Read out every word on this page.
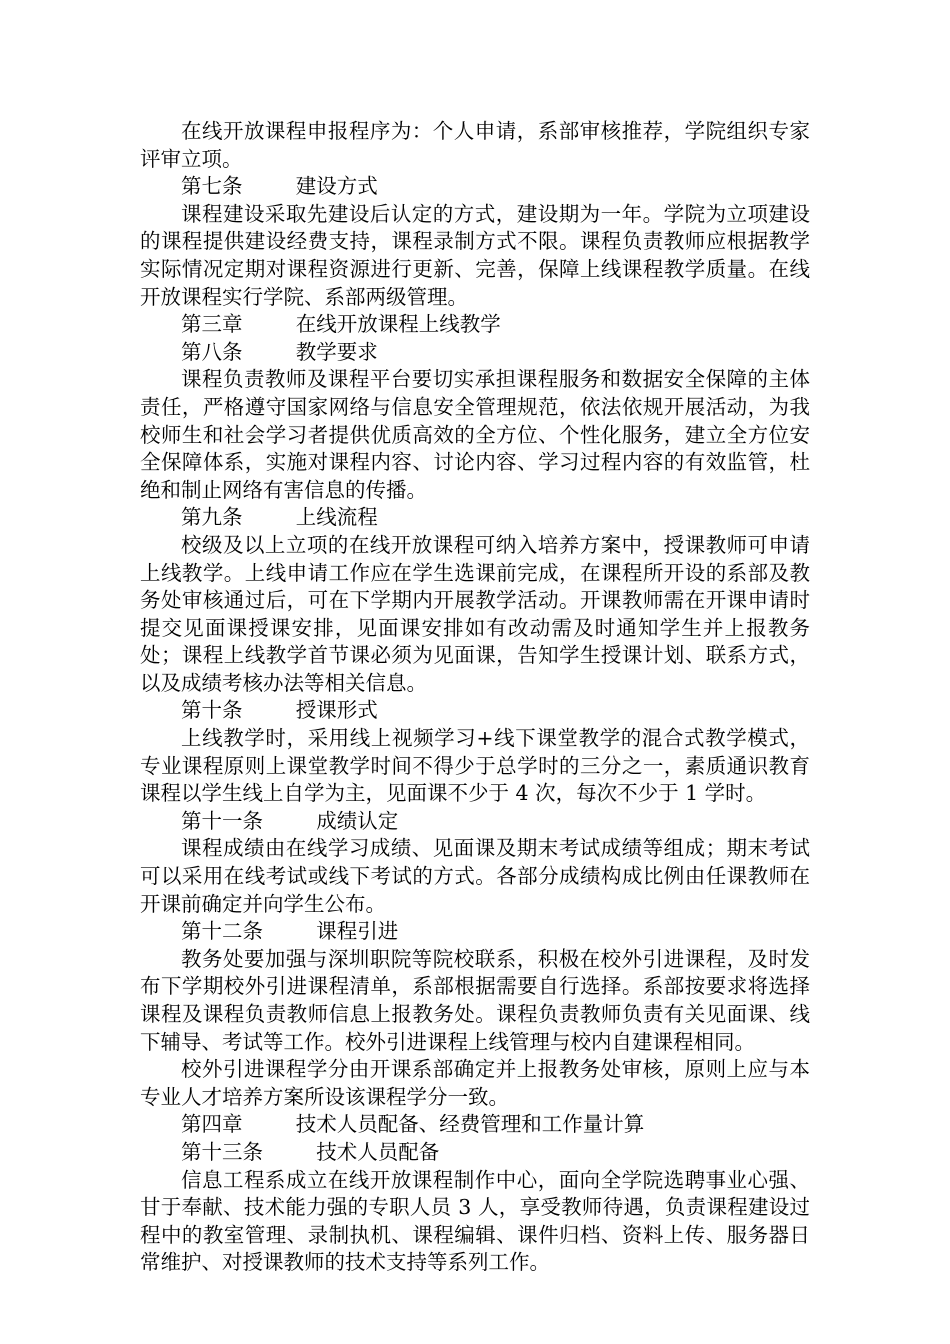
在线开放课程申报程序为：个人申请，系部审核推荐，学院组织专家评审立项。

第七条	建设方式

课程建设采取先建设后认定的方式，建设期为一年。学院为立项建设的课程提供建设经费支持，课程录制方式不限。课程负责教师应根据教学实际情况定期对课程资源进行更新、完善，保障上线课程教学质量。在线开放课程实行学院、系部两级管理。

第三章	在线开放课程上线教学

第八条	教学要求

课程负责教师及课程平台要切实承担课程服务和数据安全保障的主体责任，严格遵守国家网络与信息安全管理规范，依法依规开展活动，为我校师生和社会学习者提供优质高效的全方位、个性化服务，建立全方位安全保障体系，实施对课程内容、讨论内容、学习过程内容的有效监管，杜绝和制止网络有害信息的传播。

第九条	上线流程

校级及以上立项的在线开放课程可纳入培养方案中，授课教师可申请上线教学。上线申请工作应在学生选课前完成，在课程所开设的系部及教务处审核通过后，可在下学期内开展教学活动。开课教师需在开课申请时提交见面课授课安排，见面课安排如有改动需及时通知学生并上报教务处；课程上线教学首节课必须为见面课，告知学生授课计划、联系方式，以及成绩考核办法等相关信息。

第十条	授课形式

上线教学时，采用线上视频学习+线下课堂教学的混合式教学模式，专业课程原则上课堂教学时间不得少于总学时的三分之一，素质通识教育课程以学生线上自学为主，见面课不少于 4 次，每次不少于 1 学时。

第十一条	成绩认定

课程成绩由在线学习成绩、见面课及期末考试成绩等组成；期末考试可以采用在线考试或线下考试的方式。各部分成绩构成比例由任课教师在开课前确定并向学生公布。

第十二条	课程引进

教务处要加强与深圳职院等院校联系，积极在校外引进课程，及时发布下学期校外引进课程清单，系部根据需要自行选择。系部按要求将选择课程及课程负责教师信息上报教务处。课程负责教师负责有关见面课、线下辅导、考试等工作。校外引进课程上线管理与校内自建课程相同。

校外引进课程学分由开课系部确定并上报教务处审核，原则上应与本专业人才培养方案所设该课程学分一致。

第四章	技术人员配备、经费管理和工作量计算

第十三条	技术人员配备

信息工程系成立在线开放课程制作中心，面向全学院选聘事业心强、甘于奉献、技术能力强的专职人员 3 人，享受教师待遇，负责课程建设过程中的教室管理、录制执机、课程编辑、课件归档、资料上传、服务器日常维护、对授课教师的技术支持等系列工作。
